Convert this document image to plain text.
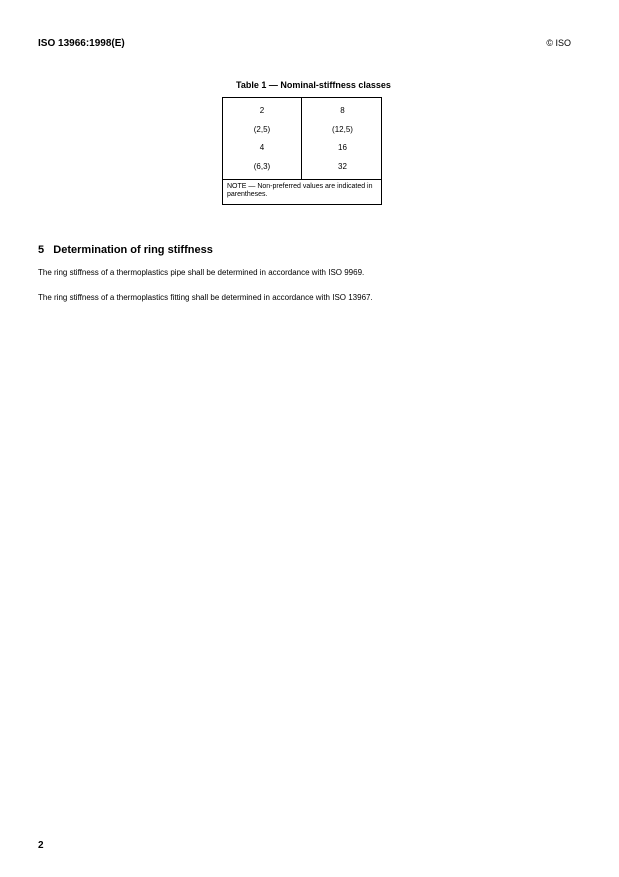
ISO 13966:1998(E)	© ISO
Table 1 — Nominal-stiffness classes
2
(2,5)
4
(6,3)
8
(12,5)
16
32
NOTE — Non-preferred values are indicated in parentheses.
5 Determination of ring stiffness
The ring stiffness of a thermoplastics pipe shall be determined in accordance with ISO 9969.
The ring stiffness of a thermoplastics fitting shall be determined in accordance with ISO 13967.
2
